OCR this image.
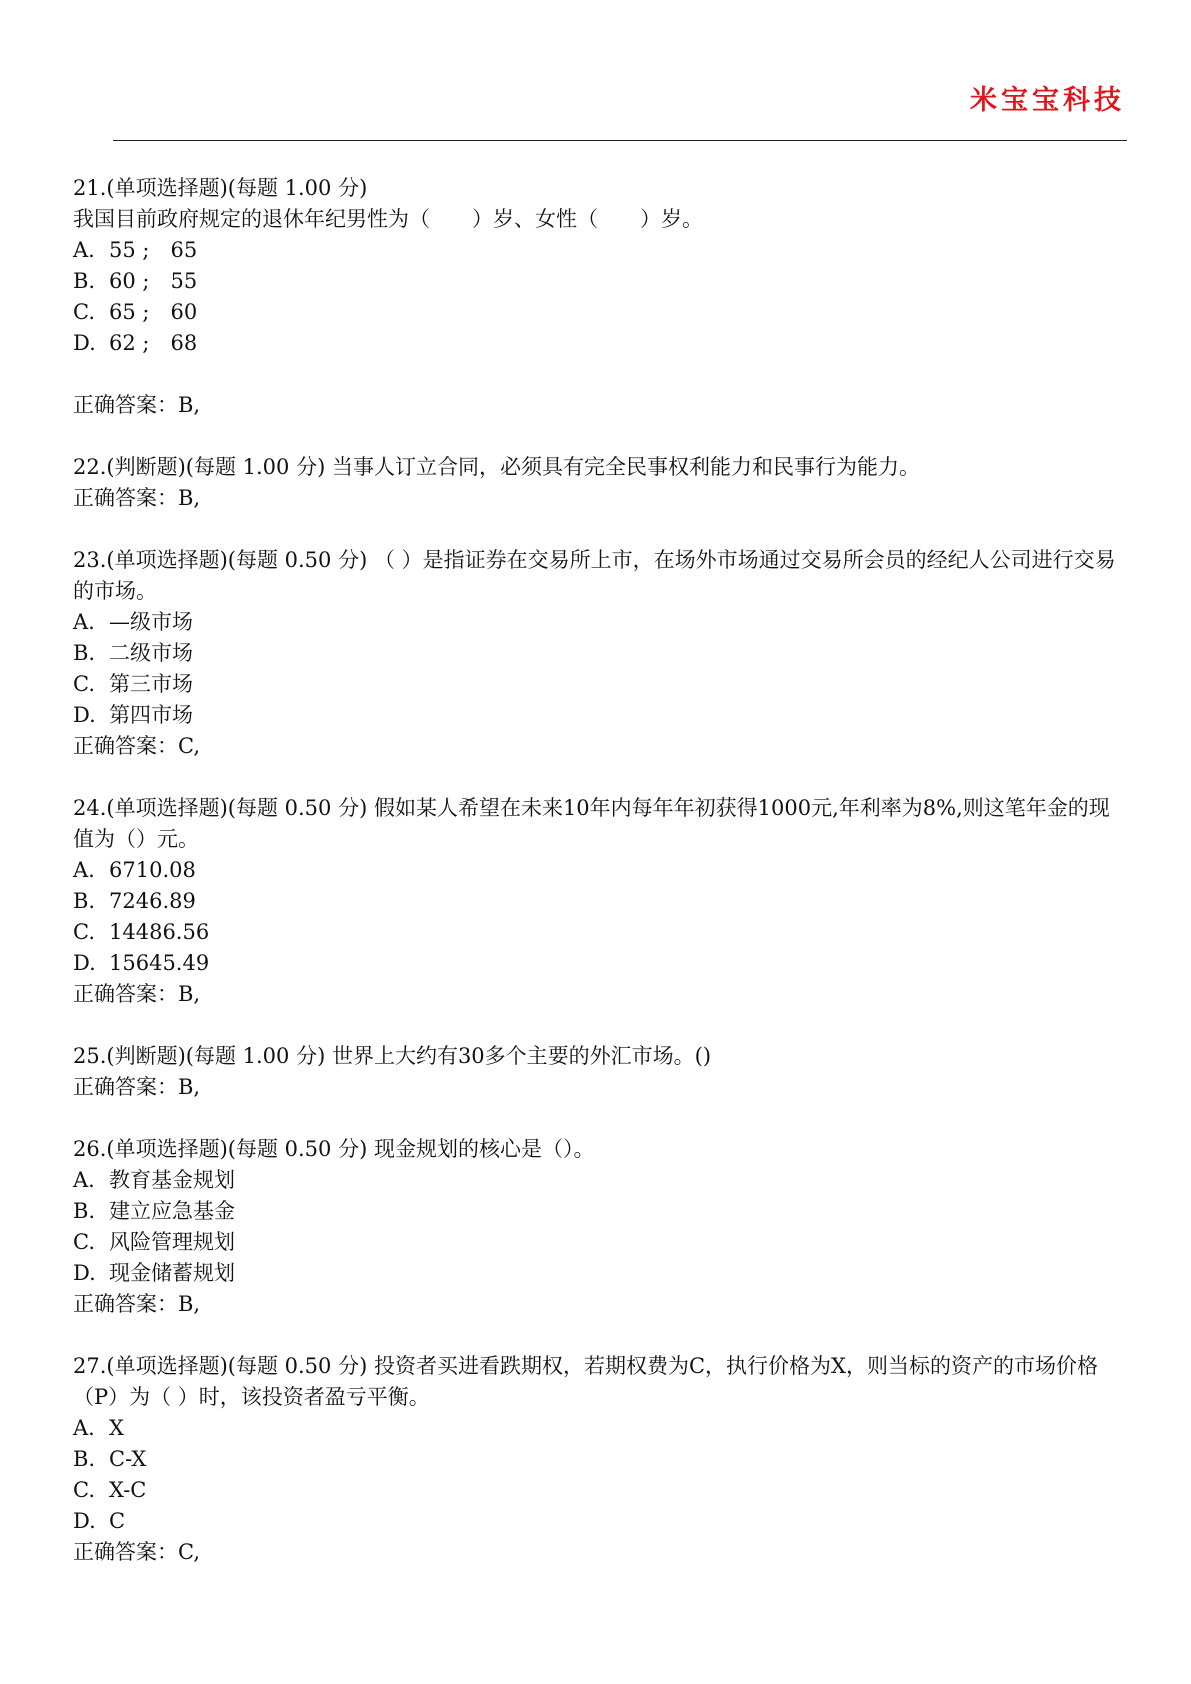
米宝宝科技
21.(单项选择题)(每题 1.00 分)
我国目前政府规定的退休年纪男性为（　　）岁、女性（　　）岁。
A. 55 ;　65
B. 60 ;　55
C. 65 ;　60
D. 62 ;　68
正确答案：B,
22.(判断题)(每题 1.00 分) 当事人订立合同，必须具有完全民事权利能力和民事行为能力。
正确答案：B,
23.(单项选择题)(每题 0.50 分) （ ）是指证券在交易所上市，在场外市场通过交易所会员的经纪人公司进行交易的市场。
A. —级市场
B. 二级市场
C. 第三市场
D. 第四市场
正确答案：C,
24.(单项选择题)(每题 0.50 分) 假如某人希望在未来10年内每年年初获得1000元,年利率为8%,则这笔年金的现值为（）元。
A. 6710.08
B. 7246.89
C. 14486.56
D. 15645.49
正确答案：B,
25.(判断题)(每题 1.00 分) 世界上大约有30多个主要的外汇市场。()
正确答案：B,
26.(单项选择题)(每题 0.50 分) 现金规划的核心是（）。
A. 教育基金规划
B. 建立应急基金
C. 风险管理规划
D. 现金储蓄规划
正确答案：B,
27.(单项选择题)(每题 0.50 分) 投资者买进看跌期权，若期权费为C，执行价格为X，则当标的资产的市场价格（P）为（ ）时，该投资者盈亏平衡。
A. X
B. C-X
C. X-C
D. C
正确答案：C,
